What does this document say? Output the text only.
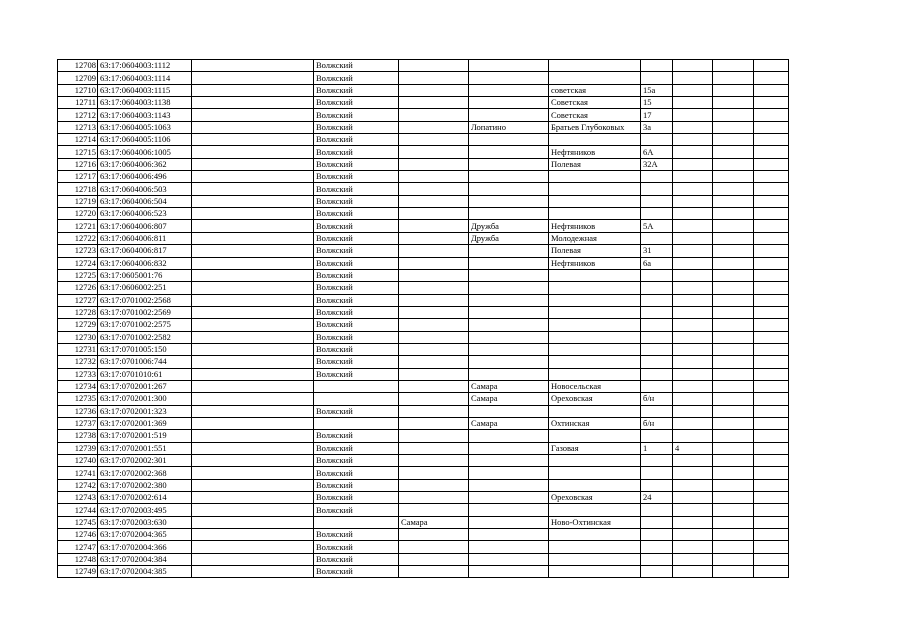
12708	63:17:0604003:1112		Волжский							
12709	63:17:0604003:1114		Волжский							
12710	63:17:0604003:1115		Волжский			советская	15а			
12711	63:17:0604003:1138		Волжский			Советская	15			
12712	63:17:0604003:1143		Волжский			Советская	17			
12713	63:17:0604005:1063		Волжский		Лопатино	Братьев Глубоковых	3а			
12714	63:17:0604005:1106		Волжский							
12715	63:17:0604006:1005		Волжский			Нефтяников	6А			
12716	63:17:0604006:362		Волжский			Полевая	32А			
12717	63:17:0604006:496		Волжский							
12718	63:17:0604006:503		Волжский							
12719	63:17:0604006:504		Волжский							
12720	63:17:0604006:523		Волжский							
12721	63:17:0604006:807		Волжский		Дружба	Нефтяников	5А			
12722	63:17:0604006:811		Волжский		Дружба	Молодежная				
12723	63:17:0604006:817		Волжский			Полевая	31			
12724	63:17:0604006:832		Волжский			Нефтяников	6а			
12725	63:17:0605001:76		Волжский							
12726	63:17:0606002:251		Волжский							
12727	63:17:0701002:2568		Волжский							
12728	63:17:0701002:2569		Волжский							
12729	63:17:0701002:2575		Волжский							
12730	63:17:0701002:2582		Волжский							
12731	63:17:0701005:150		Волжский							
12732	63:17:0701006:744		Волжский							
12733	63:17:0701010:61		Волжский							
12734	63:17:0702001:267				Самара	Новосельская				
12735	63:17:0702001:300				Самара	Ореховская	б/н			
12736	63:17:0702001:323		Волжский							
12737	63:17:0702001:369				Самара	Охтинская	б/н			
12738	63:17:0702001:519		Волжский							
12739	63:17:0702001:551		Волжский			Газовая	1	4		
12740	63:17:0702002:301		Волжский							
12741	63:17:0702002:368		Волжский							
12742	63:17:0702002:380		Волжский							
12743	63:17:0702002:614		Волжский			Ореховская	24			
12744	63:17:0702003:495		Волжский							
12745	63:17:0702003:630			Самара		Ново-Охтинская				
12746	63:17:0702004:365		Волжский							
12747	63:17:0702004:366		Волжский							
12748	63:17:0702004:384		Волжский							
12749	63:17:0702004:385		Волжский							
